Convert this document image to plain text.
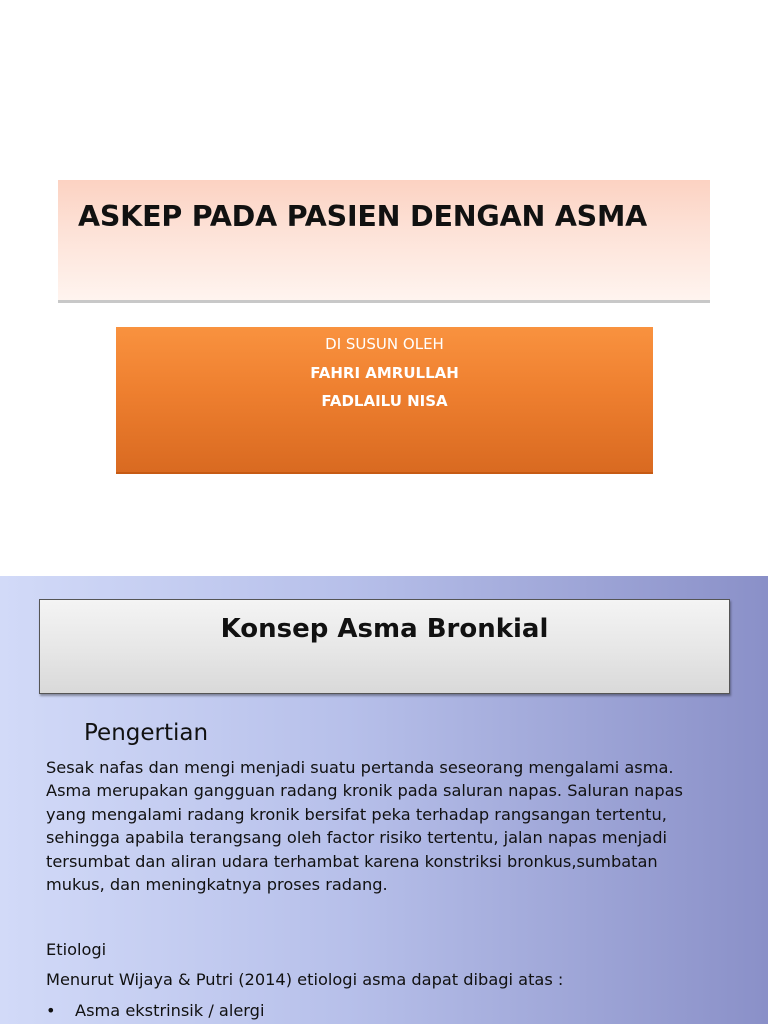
ASKEP PADA PASIEN DENGAN ASMA
DI SUSUN OLEH
FAHRI AMRULLAH
FADLAILU NISA
Konsep Asma Bronkial
Pengertian
Sesak nafas dan mengi menjadi suatu pertanda seseorang mengalami asma.
Asma merupakan gangguan radang kronik pada saluran napas. Saluran napas
yang mengalami radang kronik bersifat peka terhadap rangsangan tertentu,
sehingga apabila terangsang oleh factor risiko tertentu, jalan napas menjadi
tersumbat dan aliran udara terhambat karena konstriksi bronkus,sumbatan
mukus, dan meningkatnya proses radang.
Etiologi
Menurut Wijaya & Putri (2014) etiologi asma dapat dibagi atas :
• Asma ekstrinsik / alergi
